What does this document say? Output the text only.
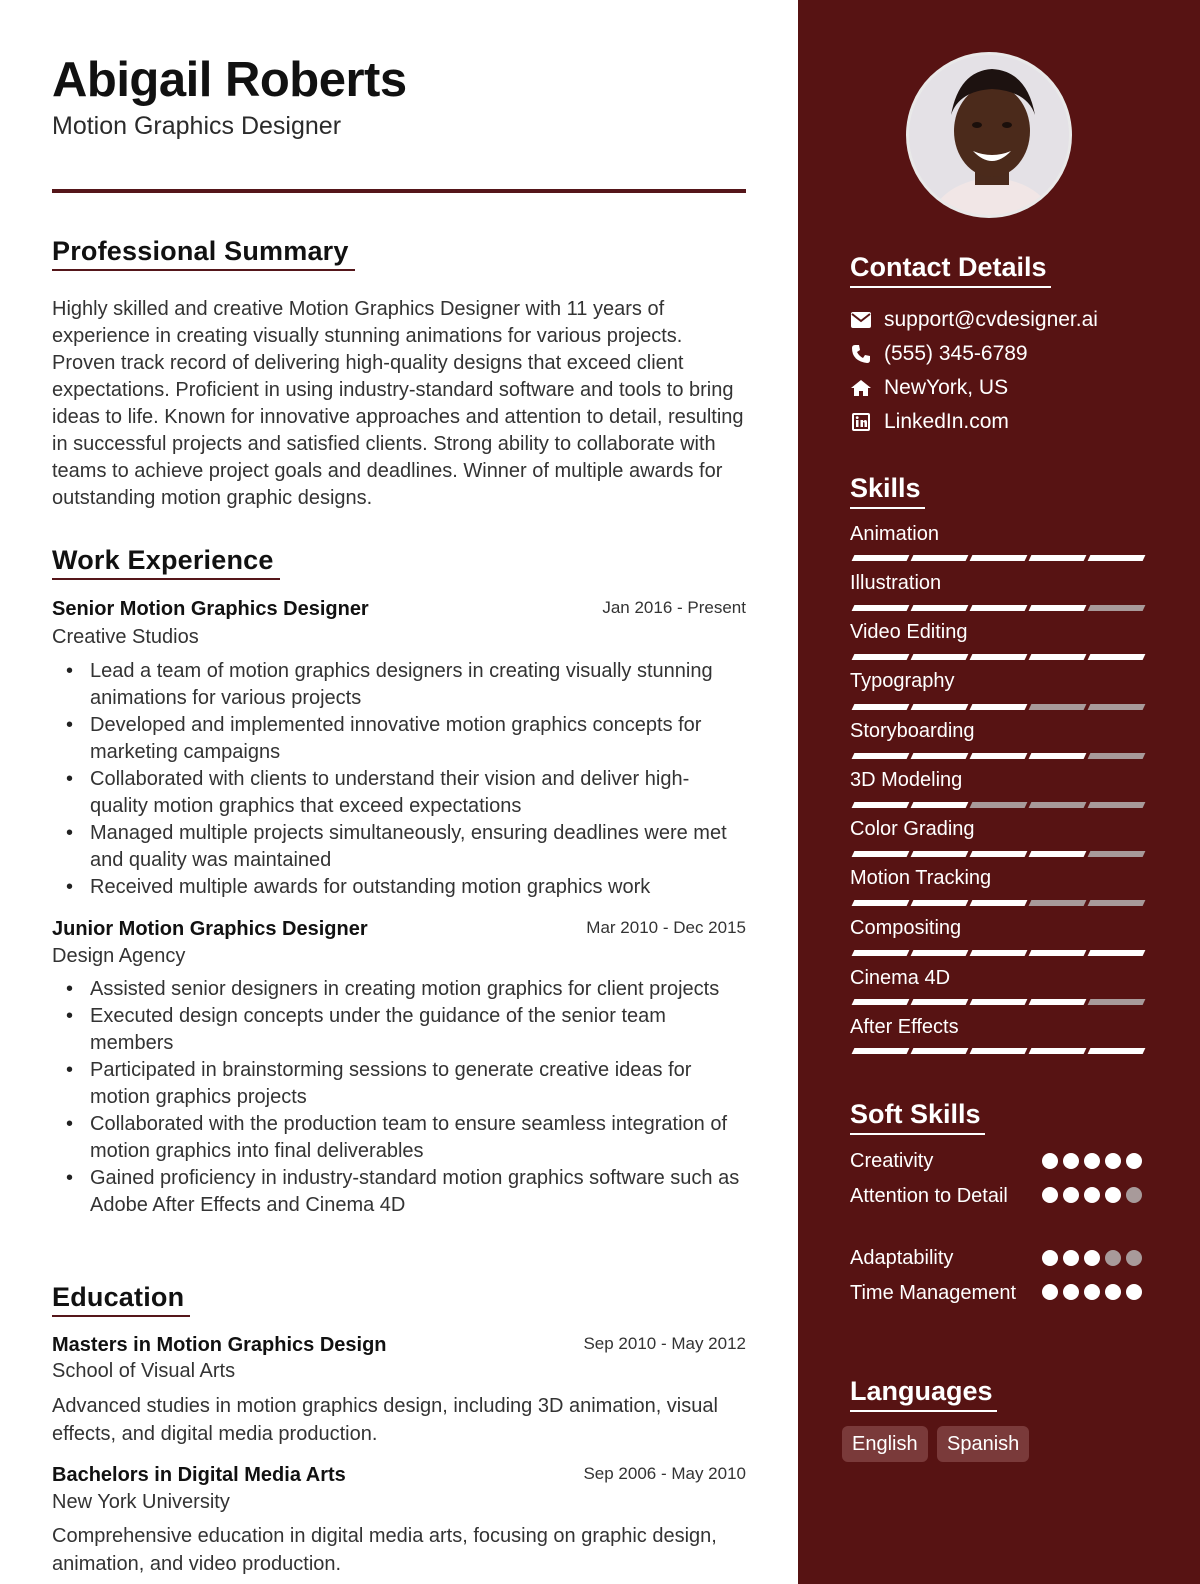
Abigail Roberts
Motion Graphics Designer
Professional Summary
Highly skilled and creative Motion Graphics Designer with 11 years of experience in creating visually stunning animations for various projects. Proven track record of delivering high-quality designs that exceed client expectations. Proficient in using industry-standard software and tools to bring ideas to life. Known for innovative approaches and attention to detail, resulting in successful projects and satisfied clients. Strong ability to collaborate with teams to achieve project goals and deadlines. Winner of multiple awards for outstanding motion graphic designs.
Work Experience
Senior Motion Graphics Designer	Jan 2016 - Present
Creative Studios
• Lead a team of motion graphics designers in creating visually stunning animations for various projects
• Developed and implemented innovative motion graphics concepts for marketing campaigns
• Collaborated with clients to understand their vision and deliver high-quality motion graphics that exceed expectations
• Managed multiple projects simultaneously, ensuring deadlines were met and quality was maintained
• Received multiple awards for outstanding motion graphics work
Junior Motion Graphics Designer	Mar 2010 - Dec 2015
Design Agency
• Assisted senior designers in creating motion graphics for client projects
• Executed design concepts under the guidance of the senior team members
• Participated in brainstorming sessions to generate creative ideas for motion graphics projects
• Collaborated with the production team to ensure seamless integration of motion graphics into final deliverables
• Gained proficiency in industry-standard motion graphics software such as Adobe After Effects and Cinema 4D
Education
Masters in Motion Graphics Design	Sep 2010 - May 2012
School of Visual Arts
Advanced studies in motion graphics design, including 3D animation, visual effects, and digital media production.
Bachelors in Digital Media Arts	Sep 2006 - May 2010
New York University
Comprehensive education in digital media arts, focusing on graphic design, animation, and video production.
Contact Details
support@cvdesigner.ai
(555) 345-6789
NewYork, US
LinkedIn.com
Skills
Animation
Illustration
Video Editing
Typography
Storyboarding
3D Modeling
Color Grading
Motion Tracking
Compositing
Cinema 4D
After Effects
Soft Skills
Creativity
Attention to Detail
Adaptability
Time Management
Languages
English	Spanish
